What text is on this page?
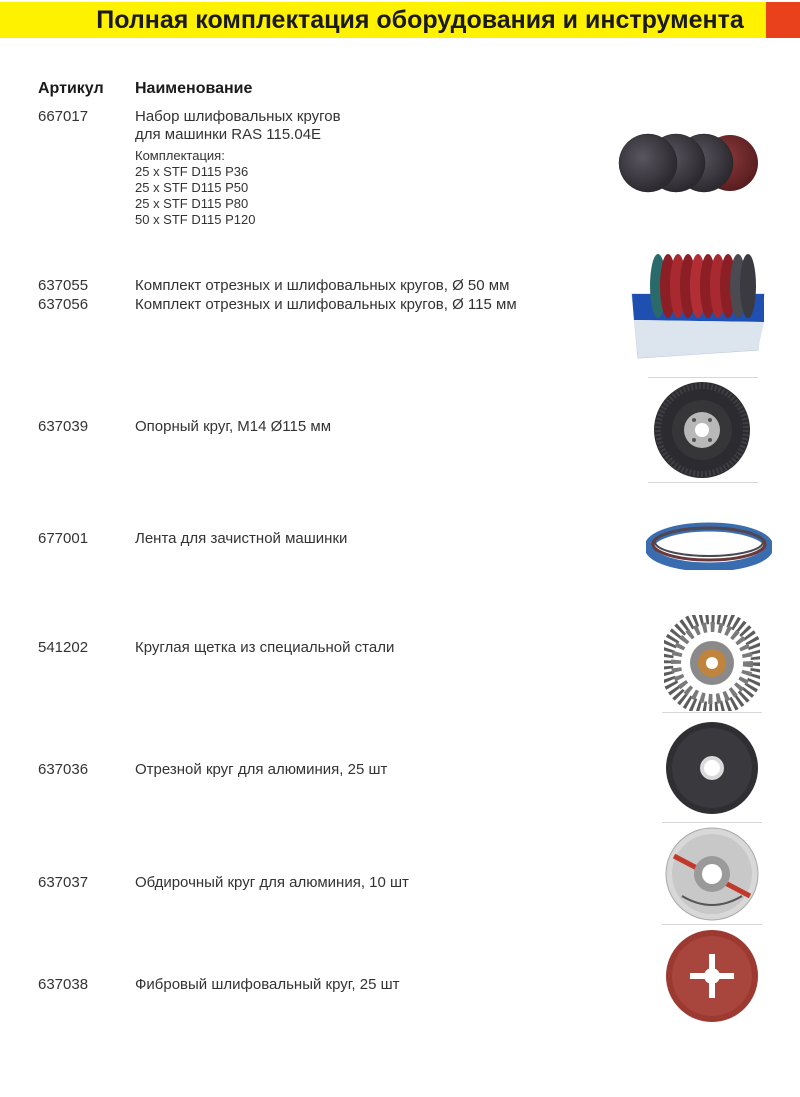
Полная комплектация оборудования и инструмента
Артикул Наименование
667017	Набор шлифовальных кругов
для машинки RAS 115.04E
Комплектация:
25 x STF D115 P36
25 x STF D115 P50
25 x STF D115 P80
50 x STF D115 P120
637055	Комплект отрезных и шлифовальных кругов, Ø 50 мм
637056	Комплект отрезных и шлифовальных кругов, Ø 115 мм
637039	Опорный круг, М14 Ø115 мм
677001	Лента для зачистной машинки
541202	Круглая щетка из специальной стали
637036	Отрезной круг для алюминия, 25 шт
637037	Обдирочный круг для алюминия, 10 шт
637038	Фибровый шлифовальный круг, 25 шт
